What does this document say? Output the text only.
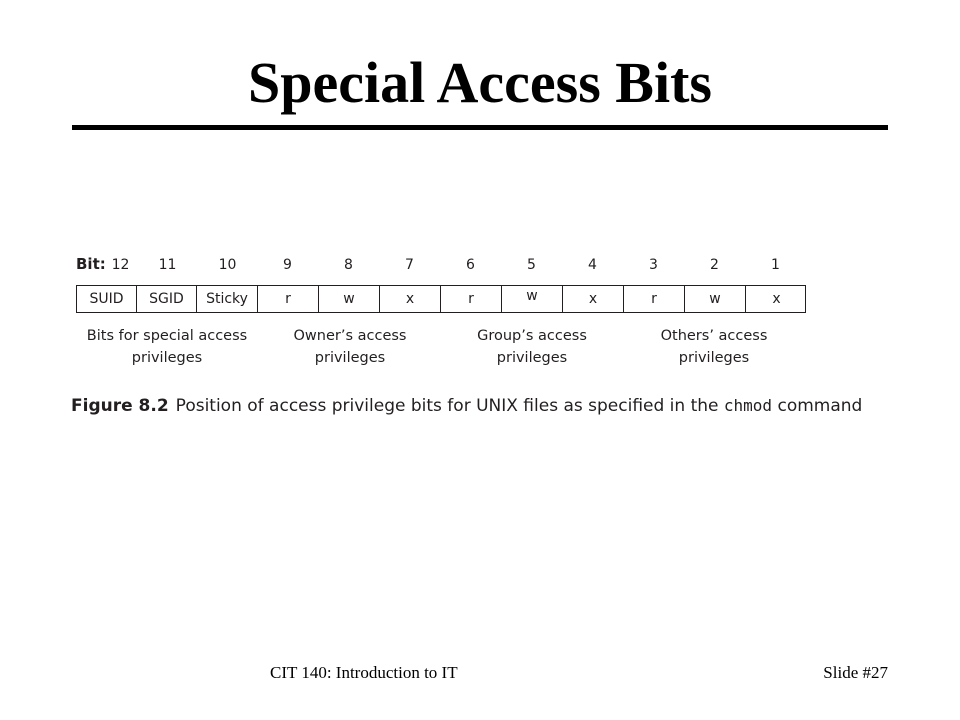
Special Access Bits
Bit: 12	11	10	9	8	7	6	5	4	3	2	1
SUID	SGID	Sticky	r	w	x	r	w	x	r	w	x
Bits for special access
privileges
Owner’s access
privileges
Group’s access
privileges
Others’ access
privileges
Figure 8.2 Position of access privilege bits for UNIX files as specified in the chmod command
CIT 140: Introduction to IT	Slide #27
